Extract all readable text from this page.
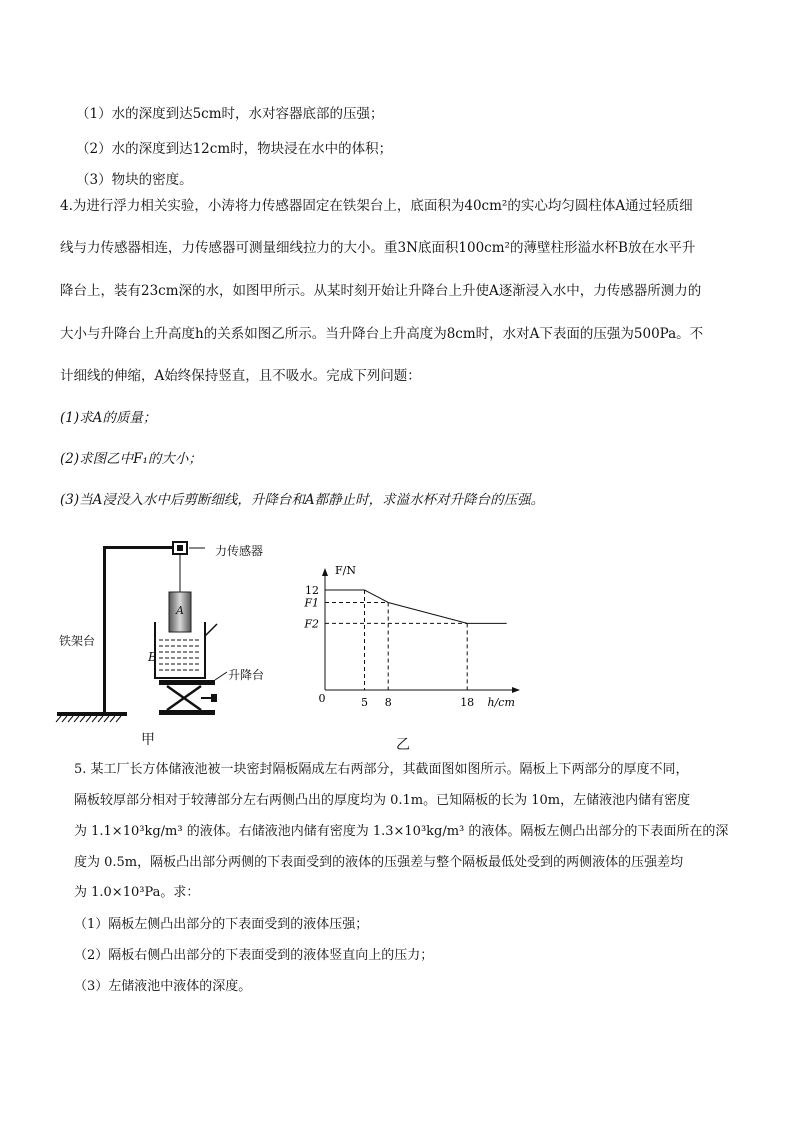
（1）水的深度到达5cm时，水对容器底部的压强；
（2）水的深度到达12cm时，物块浸在水中的体积；
（3）物块的密度。
4.为进行浮力相关实验，小涛将力传感器固定在铁架台上，底面积为40cm²的实心均匀圆柱体A通过轻质细
线与力传感器相连，力传感器可测量细线拉力的大小。重3N底面积100cm²的薄壁柱形溢水杯B放在水平升
降台上，装有23cm深的水，如图甲所示。从某时刻开始让升降台上升使A逐渐浸入水中，力传感器所测力的
大小与升降台上升高度h的关系如图乙所示。当升降台上升高度为8cm时，水对A下表面的压强为500Pa。不
计细线的伸缩，A始终保持竖直，且不吸水。完成下列问题：
(1)求A的质量；
(2)求图乙中F₁的大小；
(3)当A浸没入水中后剪断细线，升降台和A都静止时，求溢水杯对升降台的压强。
力传感器
铁架台
A
B
升降台
甲
F/N
12
F1
F2
0	5 8	18 h/cm
乙
5. 某工厂长方体储液池被一块密封隔板隔成左右两部分，其截面图如图所示。隔板上下两部分的厚度不同，
隔板较厚部分相对于较薄部分左右两侧凸出的厚度均为 0.1m。已知隔板的长为 10m，左储液池内储有密度
为 1.1×10³kg/m³ 的液体。右储液池内储有密度为 1.3×10³kg/m³ 的液体。隔板左侧凸出部分的下表面所在的深
度为 0.5m，隔板凸出部分两侧的下表面受到的液体的压强差与整个隔板最低处受到的两侧液体的压强差均
为 1.0×10³Pa。求：
（1）隔板左侧凸出部分的下表面受到的液体压强；
（2）隔板右侧凸出部分的下表面受到的液体竖直向上的压力；
（3）左储液池中液体的深度。
